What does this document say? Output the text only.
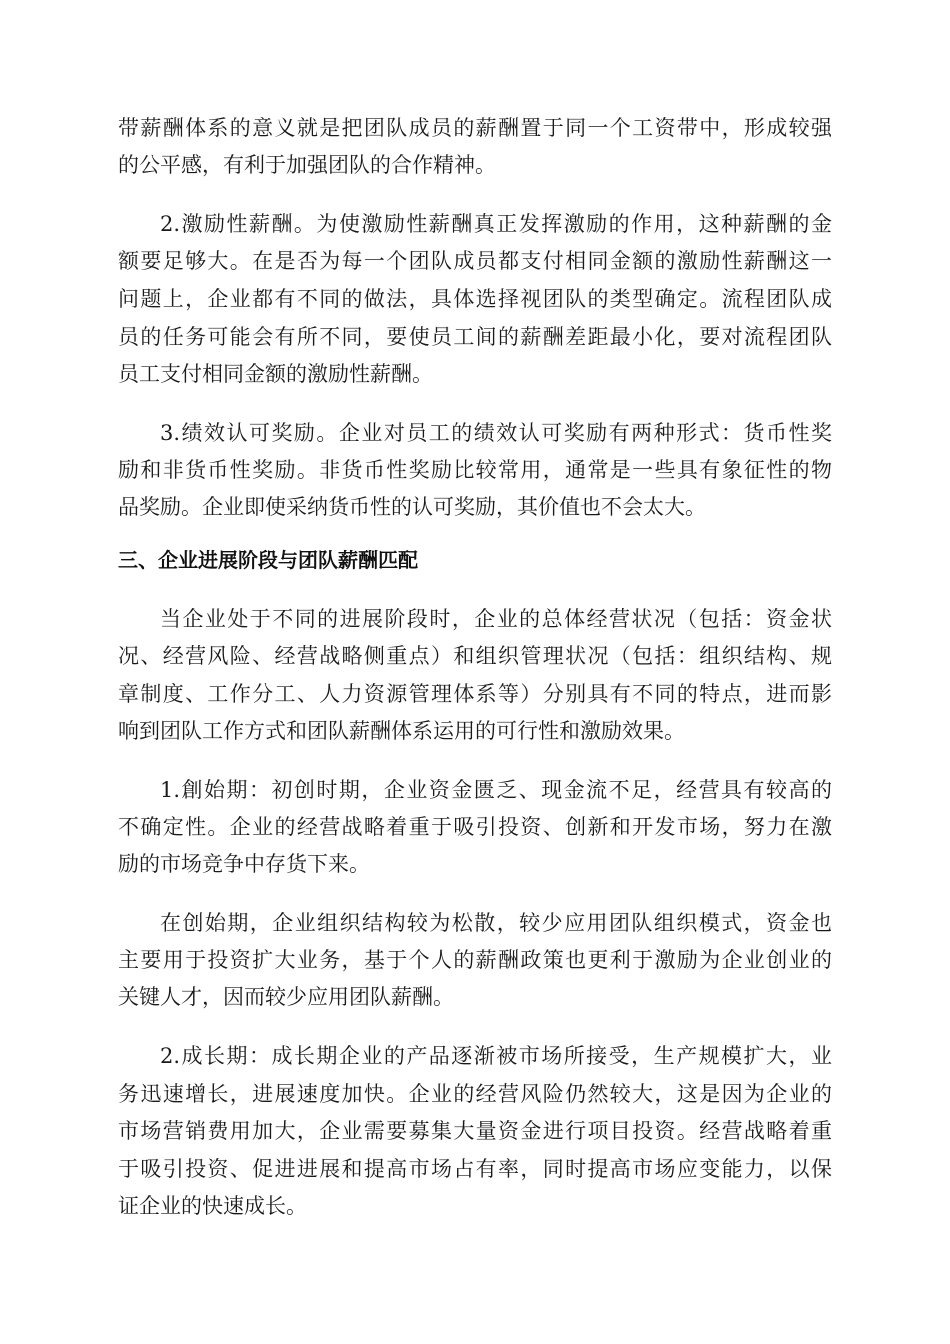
带薪酬体系的意义就是把团队成员的薪酬置于同一个工资带中，形成较强
的公平感，有利于加强团队的合作精神。
2.激励性薪酬。为使激励性薪酬真正发挥激励的作用，这种薪酬的金
额要足够大。在是否为每一个团队成员都支付相同金额的激励性薪酬这一
问题上，企业都有不同的做法，具体选择视团队的类型确定。流程团队成
员的任务可能会有所不同，要使员工间的薪酬差距最小化，要对流程团队
员工支付相同金额的激励性薪酬。
3.绩效认可奖励。企业对员工的绩效认可奖励有两种形式：货币性奖
励和非货币性奖励。非货币性奖励比较常用，通常是一些具有象征性的物
品奖励。企业即使采纳货币性的认可奖励，其价值也不会太大。
三、企业进展阶段与团队薪酬匹配
当企业处于不同的进展阶段时，企业的总体经营状况（包括：资金状
况、经营风险、经营战略侧重点）和组织管理状况（包括：组织结构、规
章制度、工作分工、人力资源管理体系等）分别具有不同的特点，进而影
响到团队工作方式和团队薪酬体系运用的可行性和激励效果。
1.創始期：初创时期，企业资金匮乏、现金流不足，经营具有较高的
不确定性。企业的经营战略着重于吸引投资、创新和开发市场，努力在激
励的市场竞争中存货下来。
在创始期，企业组织结构较为松散，较少应用团队组织模式，资金也
主要用于投资扩大业务，基于个人的薪酬政策也更利于激励为企业创业的
关键人才，因而较少应用团队薪酬。
2.成长期：成长期企业的产品逐渐被市场所接受，生产规模扩大，业
务迅速增长，进展速度加快。企业的经营风险仍然较大，这是因为企业的
市场营销费用加大，企业需要募集大量资金进行项目投资。经营战略着重
于吸引投资、促进进展和提高市场占有率，同时提高市场应变能力，以保
证企业的快速成长。
